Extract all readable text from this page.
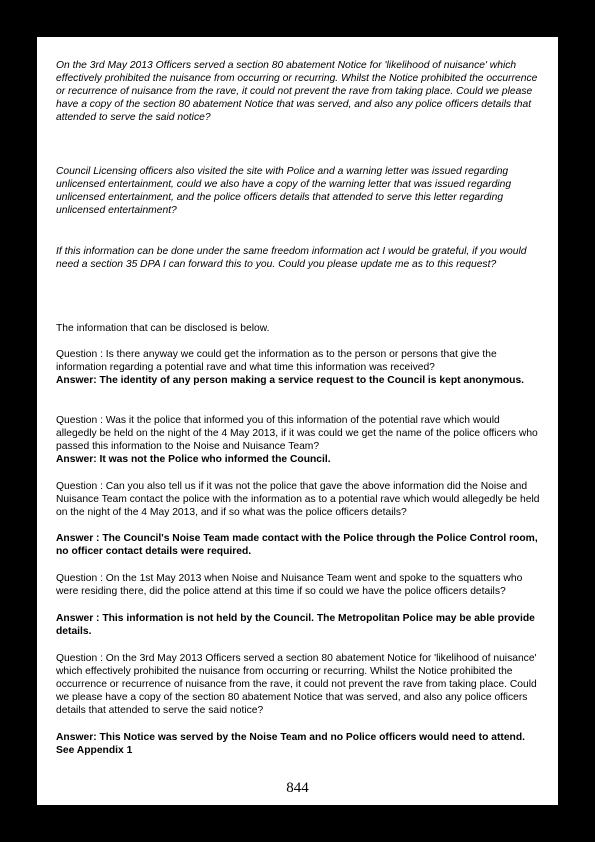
On the 3rd May 2013 Officers served a section 80 abatement Notice for 'likelihood of nuisance' which effectively prohibited the nuisance from occurring or recurring. Whilst the Notice prohibited the occurrence or recurrence of nuisance from the rave, it could not prevent the rave from taking place. Could we please have a copy of the section 80 abatement Notice that was served, and also any police officers details that attended to serve the said notice?

Council Licensing officers also visited the site with Police and a warning letter was issued regarding unlicensed entertainment, could we also have a copy of the warning letter that was issued regarding unlicensed entertainment, and the police officers details that attended to serve this letter regarding unlicensed entertainment?

If this information can be done under the same freedom information act I would be grateful, if you would need a section 35 DPA I can forward this to you. Could you please update me as to this request?

The information that can be disclosed is below.

Question : Is there anyway we could get the information as to the person or persons that give the information regarding a potential rave and what time this information was received?

Answer: The identity of any person making a service request to the Council is kept anonymous.

Question : Was it the police that informed you of this information of the potential rave which would allegedly be held on the night of the 4 May 2013, if it was could we get the name of the police officers who passed this information to the Noise and Nuisance Team?

Answer: It was not the Police who informed the Council.

Question : Can you also tell us if it was not the police that gave the above information did the Noise and Nuisance Team contact the police with the information as to a potential rave which would allegedly be held on the night of the 4 May 2013, and if so what was the police officers details?

Answer : The Council's Noise Team made contact with the Police through the Police Control room, no officer contact details were required.

Question : On the 1st May 2013 when Noise and Nuisance Team went and spoke to the squatters who were residing there, did the police attend at this time if so could we have the police officers details?

Answer : This information is not held by the Council. The Metropolitan Police may be able provide details.

Question : On the 3rd May 2013 Officers served a section 80 abatement Notice for 'likelihood of nuisance' which effectively prohibited the nuisance from occurring or recurring. Whilst the Notice prohibited the occurrence or recurrence of nuisance from the rave, it could not prevent the rave from taking place. Could we please have a copy of the section 80 abatement Notice that was served, and also any police officers details that attended to serve the said notice?

Answer: This Notice was served by the Noise Team and no Police officers would need to attend. See Appendix 1

844
